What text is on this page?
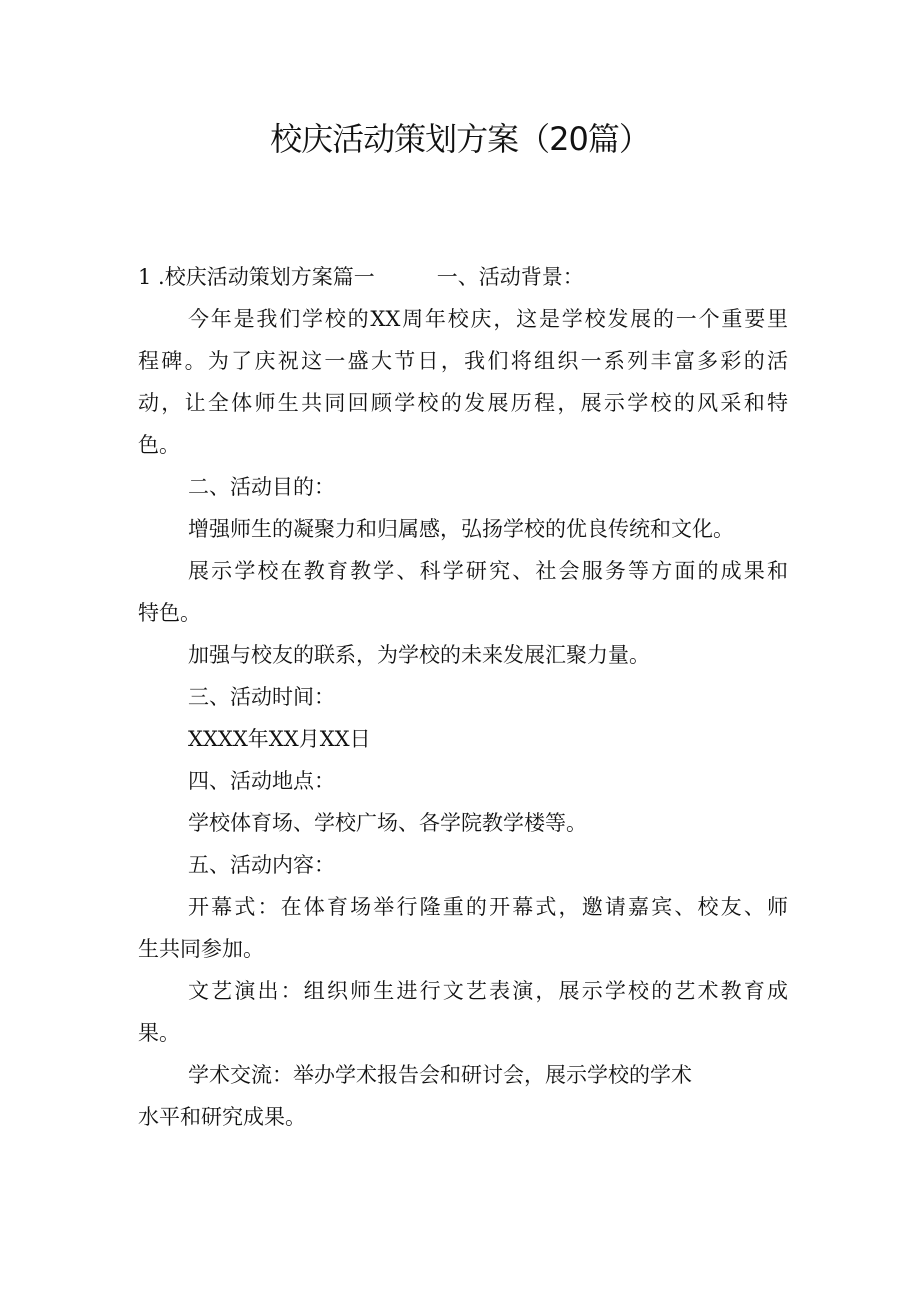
校庆活动策划方案（20篇）
1 .校庆活动策划方案篇一	一、活动背景：
今年是我们学校的XX周年校庆，这是学校发展的一个重要里
程碑。为了庆祝这一盛大节日，我们将组织一系列丰富多彩的活
动，让全体师生共同回顾学校的发展历程，展示学校的风采和特
色。
二、活动目的：
增强师生的凝聚力和归属感，弘扬学校的优良传统和文化。
展示学校在教育教学、科学研究、社会服务等方面的成果和
特色。
加强与校友的联系，为学校的未来发展汇聚力量。
三、活动时间：
XXXX年XX月XX日
四、活动地点：
学校体育场、学校广场、各学院教学楼等。
五、活动内容：
开幕式：在体育场举行隆重的开幕式，邀请嘉宾、校友、师
生共同参加。
文艺演出：组织师生进行文艺表演，展示学校的艺术教育成
果。
学术交流：举办学术报告会和研讨会，展示学校的学术
水平和研究成果。
